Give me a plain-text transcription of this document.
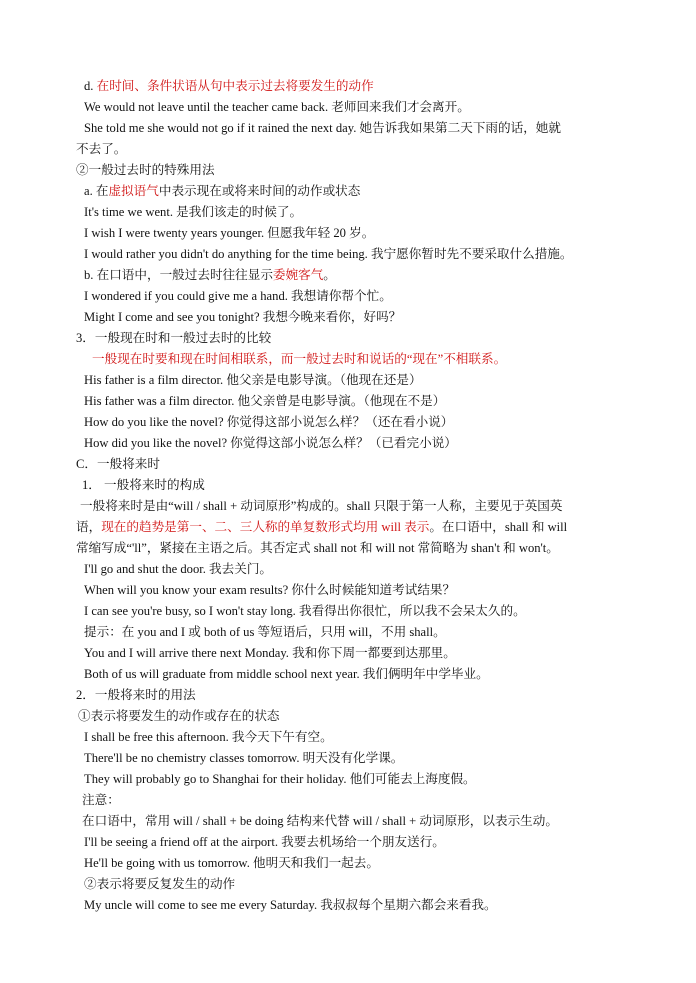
d. 在时间、条件状语从句中表示过去将要发生的动作
We would not leave until the teacher came back. 老师回来我们才会离开。
She told me she would not go if it rained the next day. 她告诉我如果第二天下雨的话，她就
不去了。
②一般过去时的特殊用法
a. 在虚拟语气中表示现在或将来时间的动作或状态
It's time we went. 是我们该走的时候了。
I wish I were twenty years younger. 但愿我年轻 20 岁。
I would rather you didn't do anything for the time being. 我宁愿你暂时先不要采取什么措施。
b. 在口语中，一般过去时往往显示委婉客气。
I wondered if you could give me a hand. 我想请你帮个忙。
Might I come and see you tonight? 我想今晚来看你，好吗？
3．一般现在时和一般过去时的比较
一般现在时要和现在时间相联系，而一般过去时和说话的“现在”不相联系。
His father is a film director. 他父亲是电影导演。（他现在还是）
His father was a film director. 他父亲曾是电影导演。（他现在不是）
How do you like the novel? 你觉得这部小说怎么样？（还在看小说）
How did you like the novel? 你觉得这部小说怎么样？（已看完小说）
C．一般将来时
1． 一般将来时的构成
一般将来时是由“will / shall + 动词原形”构成的。shall 只限于第一人称，主要见于英国英
语，现在的趋势是第一、二、三人称的单复数形式均用 will 表示。在口语中，shall 和 will
常缩写成“'ll”，紧接在主语之后。其否定式 shall not 和 will not 常简略为 shan't 和 won't。
I'll go and shut the door. 我去关门。
When will you know your exam results? 你什么时候能知道考试结果？
I can see you're busy, so I won't stay long. 我看得出你很忙，所以我不会呆太久的。
提示：在 you and I 或 both of us 等短语后，只用 will，不用 shall。
You and I will arrive there next Monday. 我和你下周一都要到达那里。
Both of us will graduate from middle school next year. 我们俩明年中学毕业。
2．一般将来时的用法
①表示将要发生的动作或存在的状态
I shall be free this afternoon. 我今天下午有空。
There'll be no chemistry classes tomorrow. 明天没有化学课。
They will probably go to Shanghai for their holiday. 他们可能去上海度假。
注意：
在口语中，常用 will / shall + be doing 结构来代替 will / shall + 动词原形，以表示生动。
I'll be seeing a friend off at the airport. 我要去机场给一个朋友送行。
He'll be going with us tomorrow. 他明天和我们一起去。
②表示将要反复发生的动作
My uncle will come to see me every Saturday. 我叔叔每个星期六都会来看我。
